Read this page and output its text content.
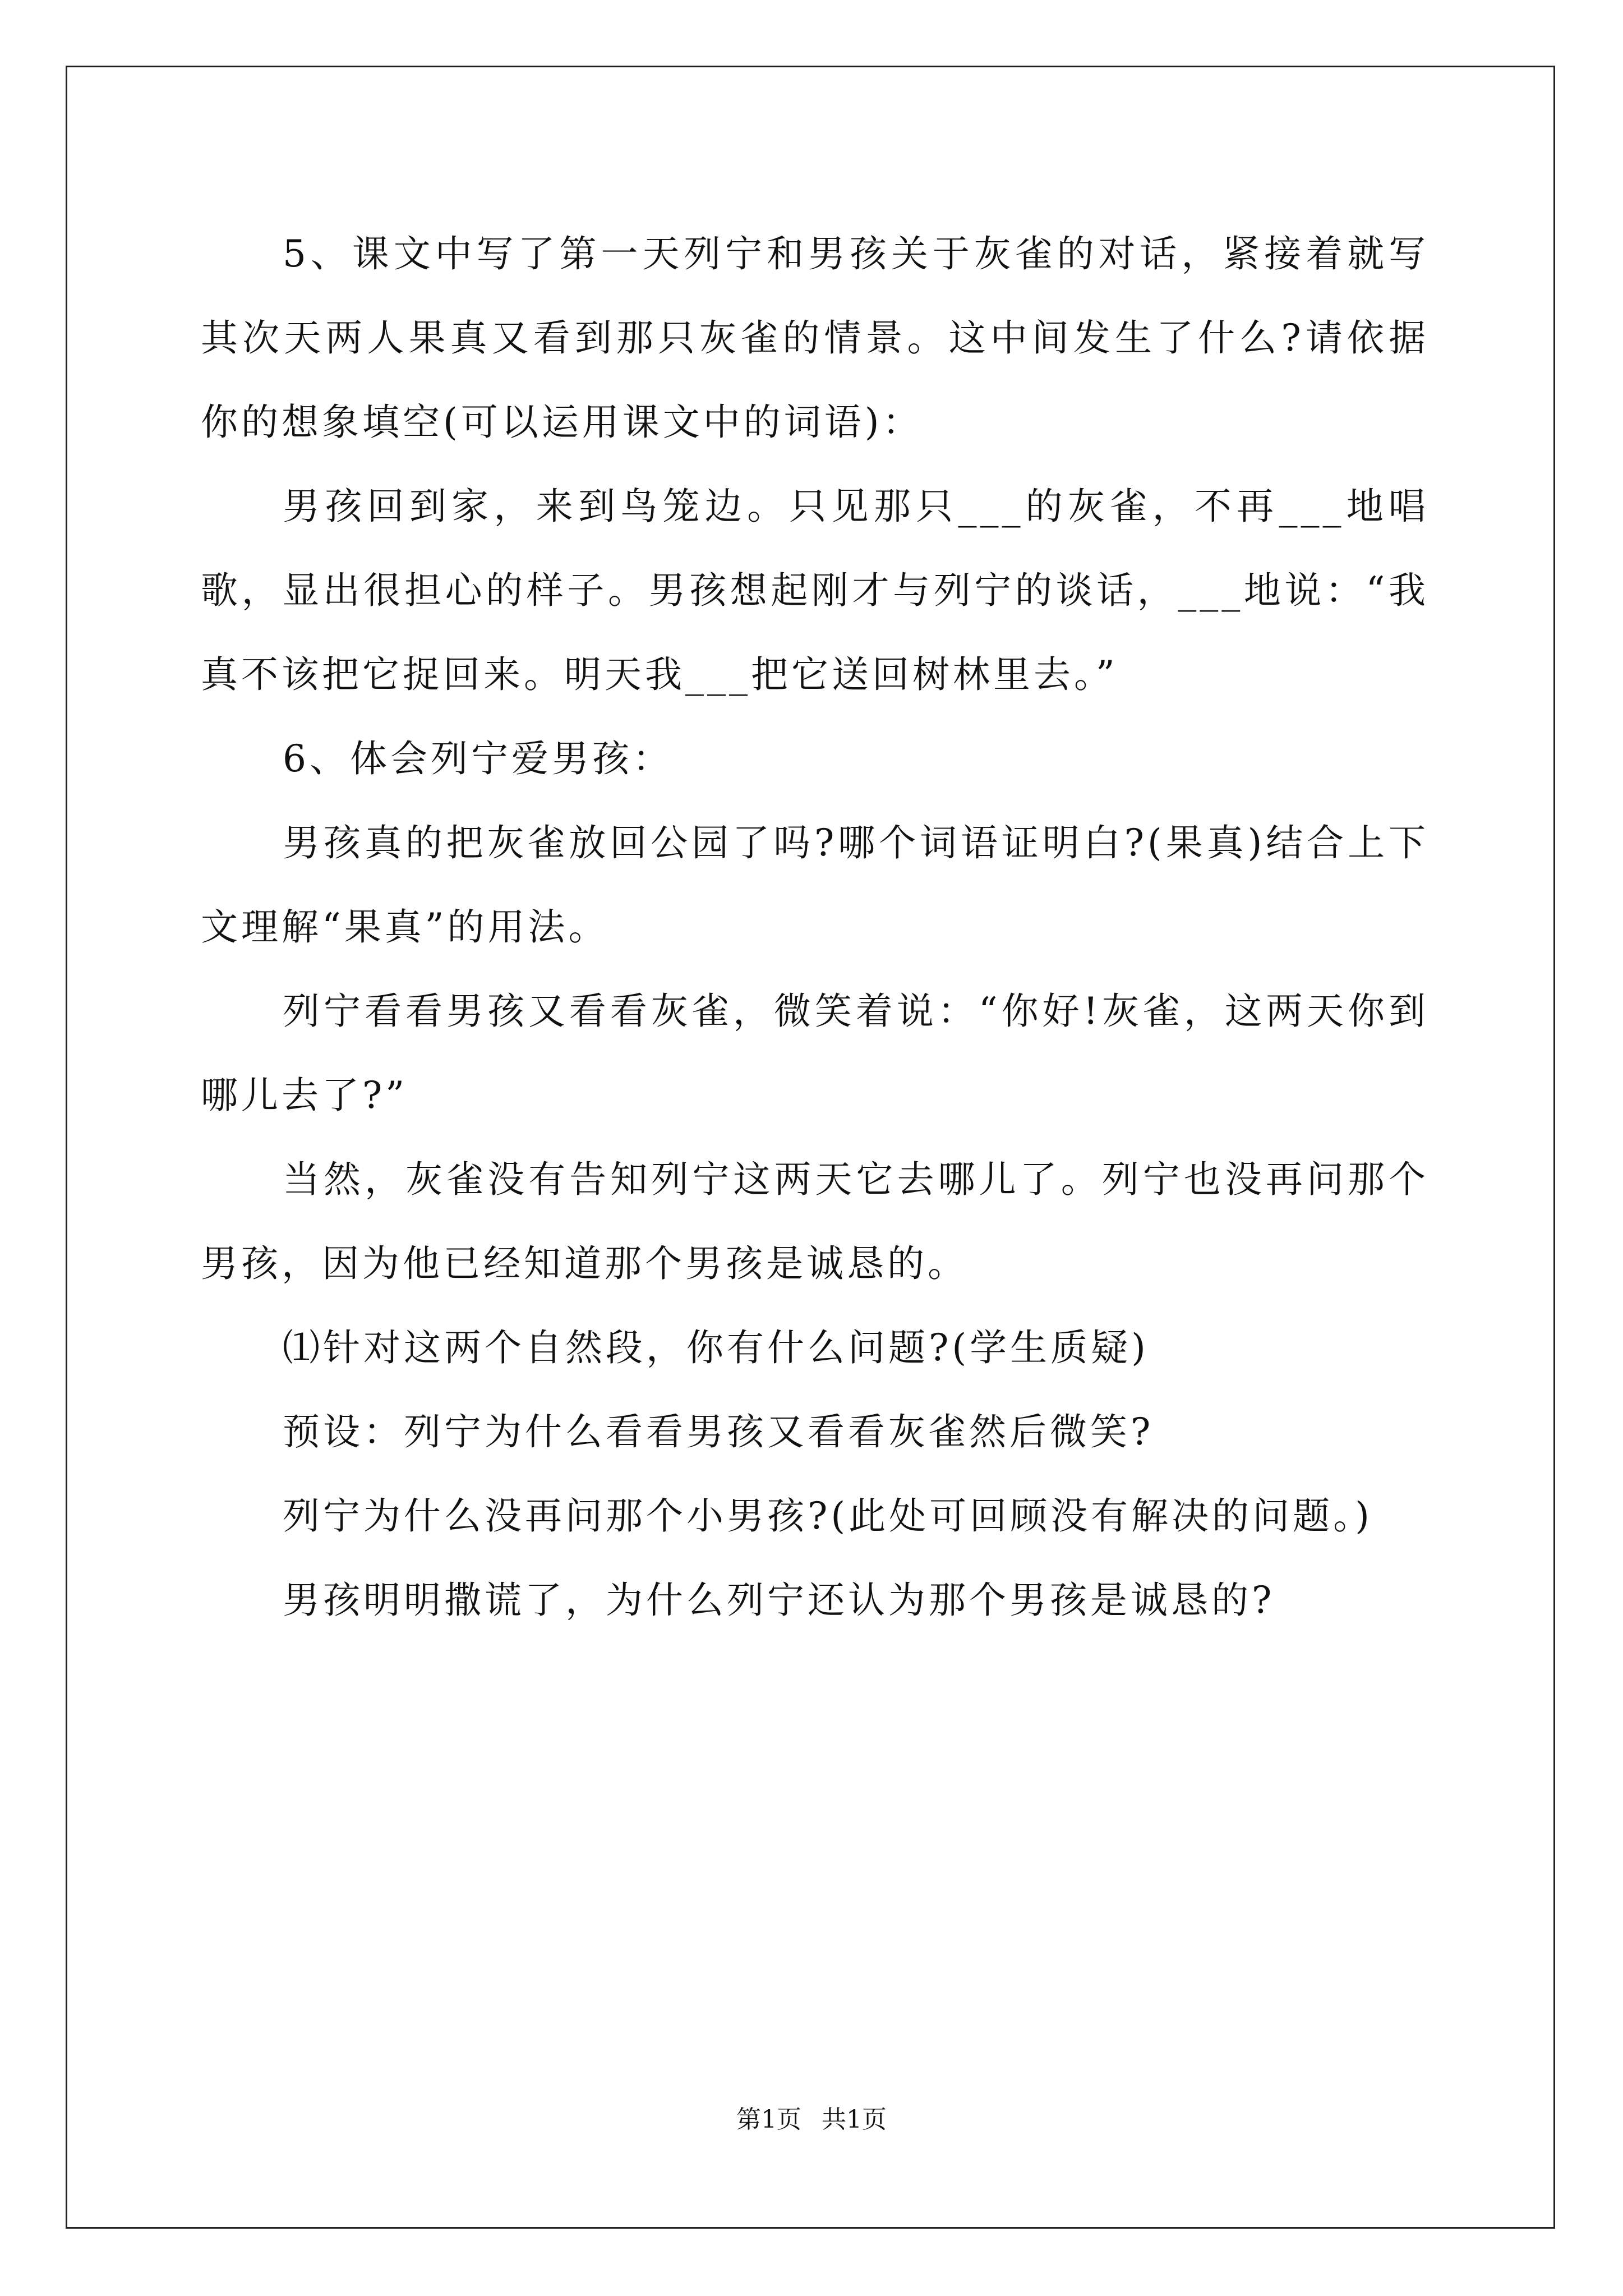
5、课文中写了第一天列宁和男孩关于灰雀的对话，紧接着就写其次天两人果真又看到那只灰雀的情景。这中间发生了什么?请依据你的想象填空(可以运用课文中的词语)：

男孩回到家，来到鸟笼边。只见那只___的灰雀，不再___地唱歌，显出很担心的样子。男孩想起刚才与列宁的谈话，___地说：“我真不该把它捉回来。明天我___把它送回树林里去。”

6、体会列宁爱男孩：

男孩真的把灰雀放回公园了吗?哪个词语证明白?(果真)结合上下文理解“果真”的用法。

列宁看看男孩又看看灰雀，微笑着说：“你好!灰雀，这两天你到哪儿去了?”

当然，灰雀没有告知列宁这两天它去哪儿了。列宁也没再问那个男孩，因为他已经知道那个男孩是诚恳的。

⑴针对这两个自然段，你有什么问题?(学生质疑)

预设：列宁为什么看看男孩又看看灰雀然后微笑?

列宁为什么没再问那个小男孩?(此处可回顾没有解决的问题。)

男孩明明撒谎了，为什么列宁还认为那个男孩是诚恳的?

第1页 共1页
